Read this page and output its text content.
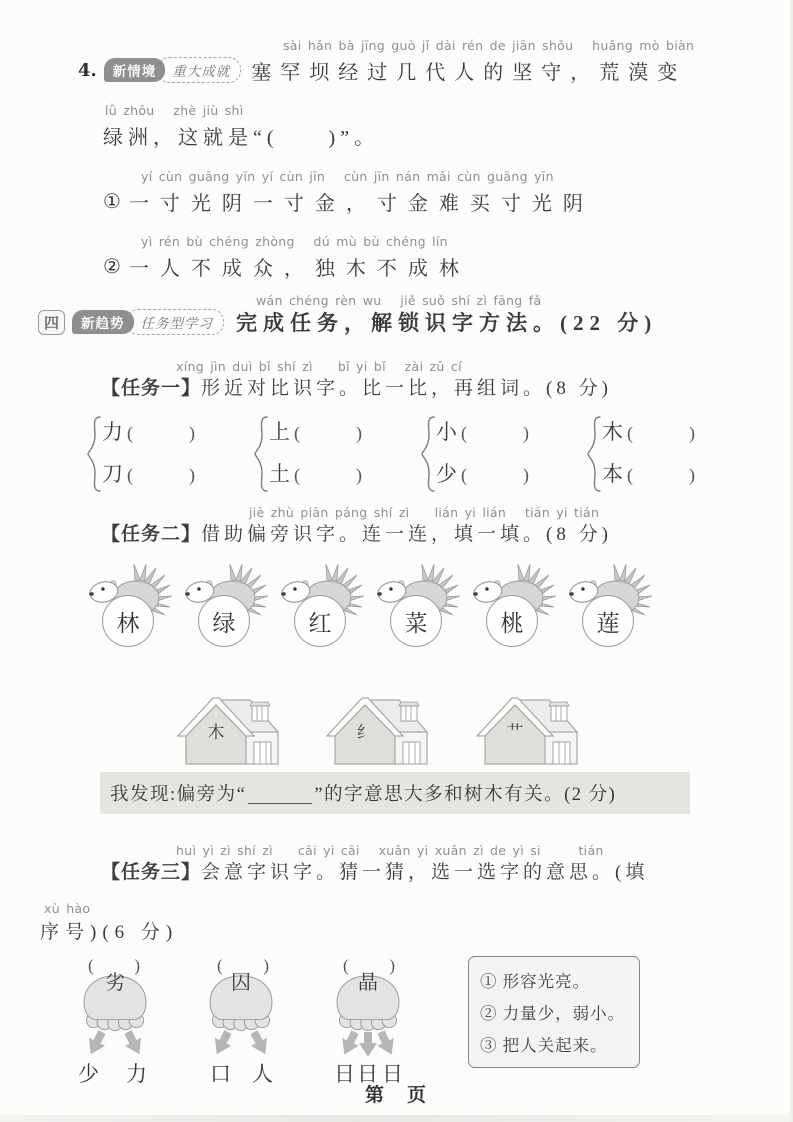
sài hǎn bà jīng guò jǐ dài rén de jiān shǒu   huāng mò biàn
4.	新情境	重大成就	塞罕坝经过几代人的坚守，荒漠变
lǜ zhōu   zhè jiù shì
绿洲，这就是“(     )”。
yí cùn guāng yīn yí cùn jīn   cùn jīn nán mǎi cùn guāng yīn
① 一寸光阴一寸金，寸金难买寸光阴
yì rén bù chéng zhòng   dú mù bù chéng lín
② 一人不成众，独木不成林
wán chéng rèn wu   jiě suǒ shí zì fāng fǎ
四	新趋势	任务型学习	完成任务，解锁识字方法。(22 分)
xíng jìn duì bǐ shí zì    bǐ yi bǐ   zài zǔ cí
【任务一】 形近对比识字。比一比，再组词。(8 分)
力 (	)
刀 (	)
上 (	)
土 (	)
小 (	)
少 (	)
木 (	)
本 (	)
jiè zhù piān páng shí zì    lián yi lián   tián yi tián
【任务二】 借助偏旁识字。连一连，填一填。(8 分)
林	绿	红	菜	桃	莲
木	纟	艹
我发现:偏旁为“	”的字意思大多和树木有关。(2 分)
huì yì zì shí zì    cāi yi cāi   xuǎn yi xuǎn zì de yì si      tián
【任务三】 会意字识字。猜一猜，选一选字的意思。(填
xù hào
序号)(6 分)
( )
劣
少 力
( )
囚
口 人
( )
晶
日 日 日
① 形容光亮。
② 力量少，弱小。
③ 把人关起来。
第　页
